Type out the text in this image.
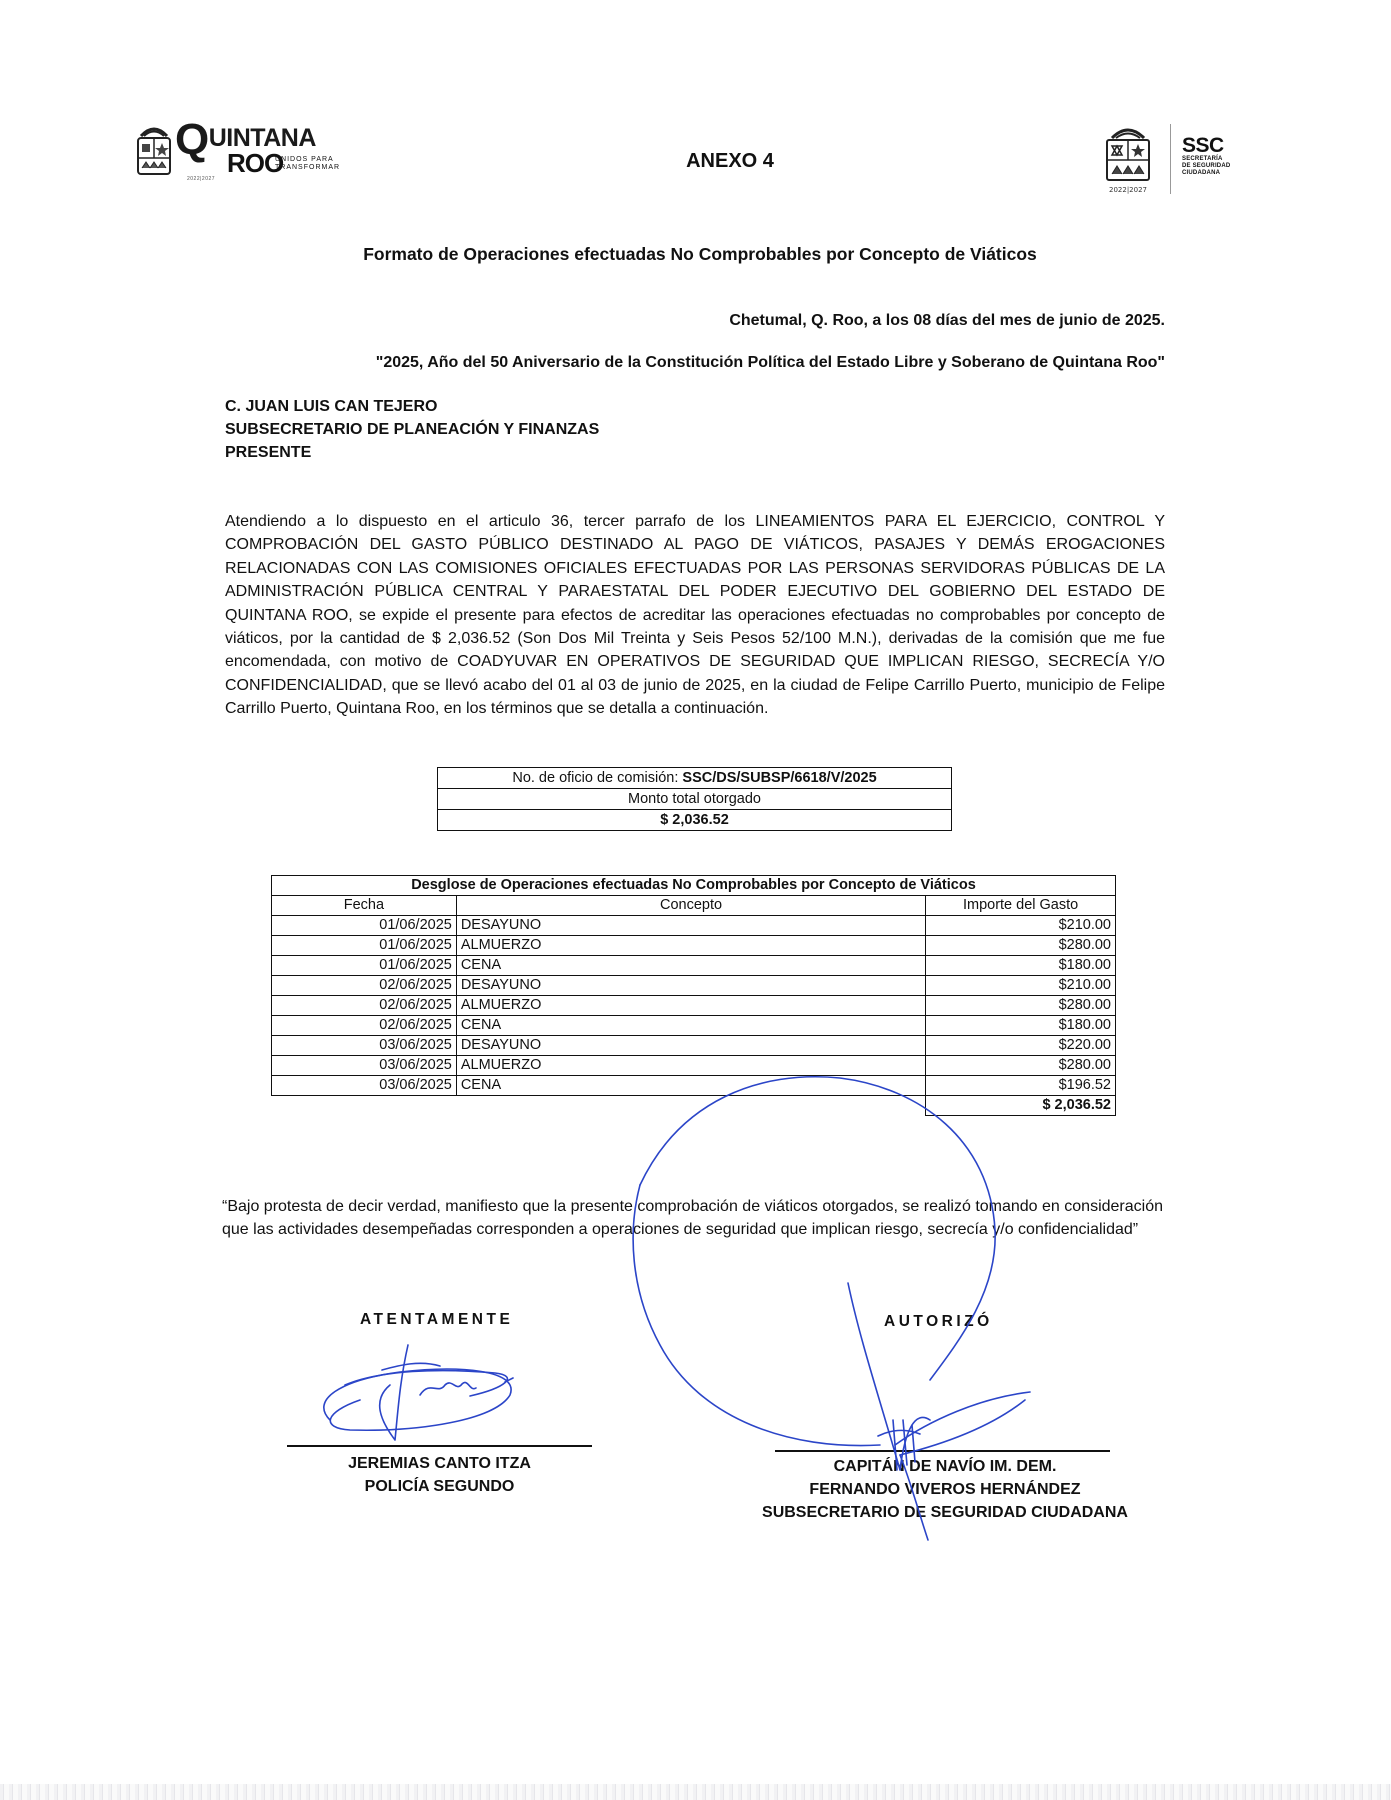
QUINTANA
ROO
UNIDOS PARA
TRANSFORMAR
2022|2027
ANEXO 4
2022|2027
SSC
SECRETARÍA
DE SEGURIDAD
CIUDADANA
Formato de Operaciones efectuadas No Comprobables por Concepto de Viáticos
Chetumal, Q. Roo, a los 08 días del mes de junio de 2025.
"2025, Año del 50 Aniversario de la Constitución Política del Estado Libre y Soberano de Quintana Roo"
C. JUAN LUIS CAN TEJERO
SUBSECRETARIO DE PLANEACIÓN Y FINANZAS
PRESENTE
Atendiendo a lo dispuesto en el articulo 36, tercer parrafo de los LINEAMIENTOS PARA EL EJERCICIO, CONTROL Y COMPROBACIÓN DEL GASTO PÚBLICO DESTINADO AL PAGO DE VIÁTICOS, PASAJES Y DEMÁS EROGACIONES RELACIONADAS CON LAS COMISIONES OFICIALES EFECTUADAS POR LAS PERSONAS SERVIDORAS PÚBLICAS DE LA ADMINISTRACIÓN PÚBLICA CENTRAL Y PARAESTATAL DEL PODER EJECUTIVO DEL GOBIERNO DEL ESTADO DE QUINTANA ROO, se expide el presente para efectos de acreditar las operaciones efectuadas no comprobables por concepto de viáticos, por la cantidad de $ 2,036.52 (Son Dos Mil Treinta y Seis Pesos 52/100 M.N.), derivadas de la comisión que me fue encomendada, con motivo de COADYUVAR EN OPERATIVOS DE SEGURIDAD QUE IMPLICAN RIESGO, SECRECÍA Y/O CONFIDENCIALIDAD, que se llevó acabo del 01 al 03 de junio de 2025, en la ciudad de Felipe Carrillo Puerto, municipio de Felipe Carrillo Puerto, Quintana Roo, en los términos que se detalla a continuación.
No. de oficio de comisión: SSC/DS/SUBSP/6618/V/2025
Monto total otorgado
$ 2,036.52
Desglose de Operaciones efectuadas No Comprobables por Concepto de Viáticos		
Fecha	Concepto	Importe del Gasto
01/06/2025	DESAYUNO	$210.00
01/06/2025	ALMUERZO	$280.00
01/06/2025	CENA	$180.00
02/06/2025	DESAYUNO	$210.00
02/06/2025	ALMUERZO	$280.00
02/06/2025	CENA	$180.00
03/06/2025	DESAYUNO	$220.00
03/06/2025	ALMUERZO	$280.00
03/06/2025	CENA	$196.52
		$ 2,036.52
“Bajo protesta de decir verdad, manifiesto que la presente comprobación de viáticos otorgados, se realizó tomando en consideración que las actividades desempeñadas corresponden a operaciones de seguridad que implican riesgo, secrecía y/o confidencialidad”
ATENTAMENTE	AUTORIZÓ
JEREMIAS CANTO ITZA
POLICÍA SEGUNDO
CAPITÁN DE NAVÍO IM. DEM.
FERNANDO VIVEROS HERNÁNDEZ
SUBSECRETARIO DE SEGURIDAD CIUDADANA
